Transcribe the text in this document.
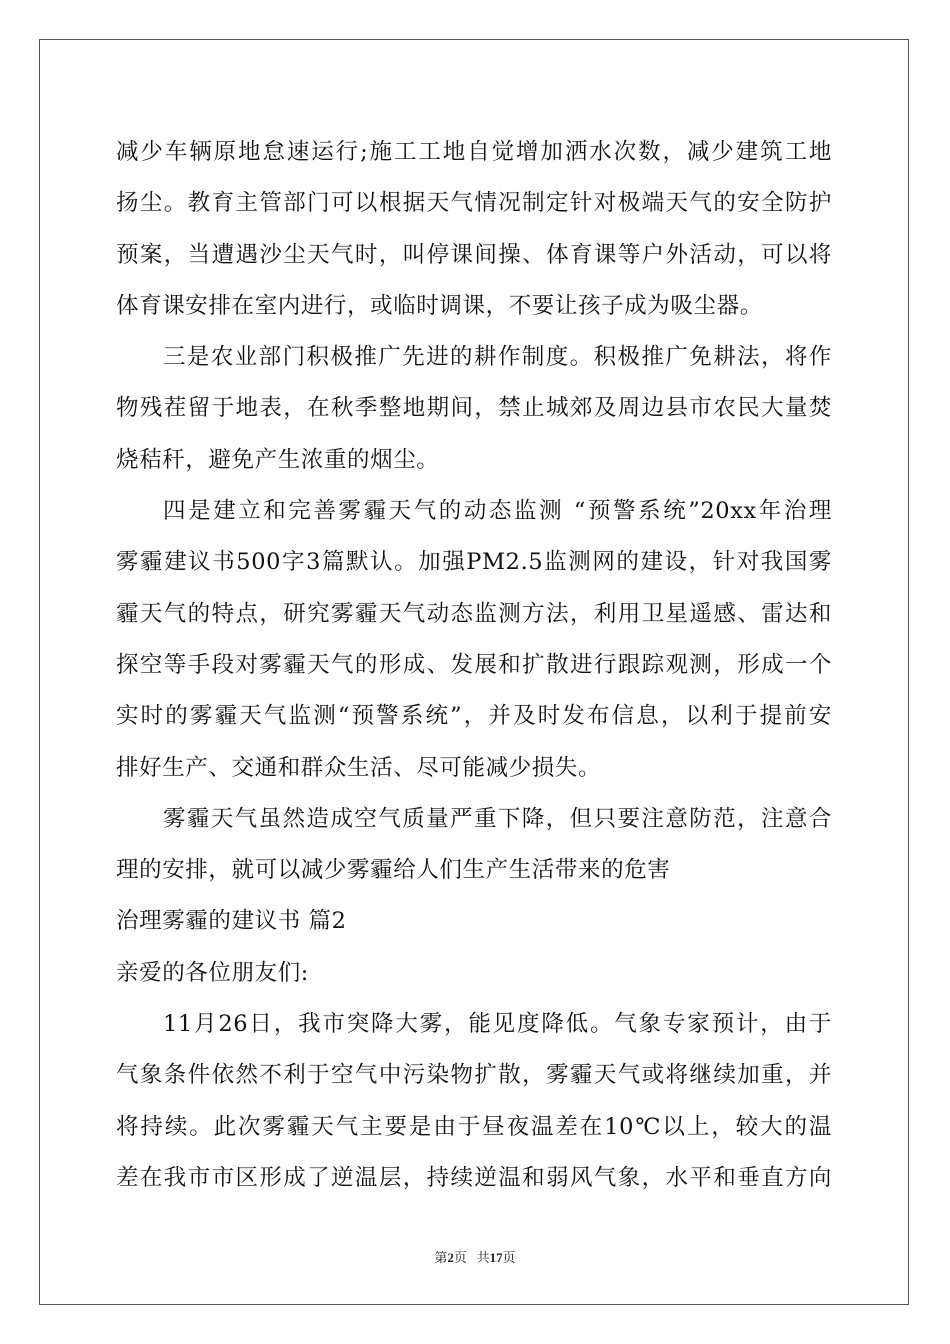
减少车辆原地怠速运行;施工工地自觉增加洒水次数，减少建筑工地
扬尘。教育主管部门可以根据天气情况制定针对极端天气的安全防护
预案，当遭遇沙尘天气时，叫停课间操、体育课等户外活动，可以将
体育课安排在室内进行，或临时调课，不要让孩子成为吸尘器。
三是农业部门积极推广先进的耕作制度。积极推广免耕法，将作
物残茬留于地表，在秋季整地期间，禁止城郊及周边县市农民大量焚
烧秸秆，避免产生浓重的烟尘。
四是建立和完善雾霾天气的动态监测 “预警系统”20xx年治理
雾霾建议书500字3篇默认。加强PM2.5监测网的建设，针对我国雾
霾天气的特点，研究雾霾天气动态监测方法，利用卫星遥感、雷达和
探空等手段对雾霾天气的形成、发展和扩散进行跟踪观测，形成一个
实时的雾霾天气监测“预警系统”，并及时发布信息，以利于提前安
排好生产、交通和群众生活、尽可能减少损失。
雾霾天气虽然造成空气质量严重下降，但只要注意防范，注意合
理的安排，就可以减少雾霾给人们生产生活带来的危害
治理雾霾的建议书 篇2
亲爱的各位朋友们:
11月26日，我市突降大雾，能见度降低。气象专家预计，由于
气象条件依然不利于空气中污染物扩散，雾霾天气或将继续加重，并
将持续。此次雾霾天气主要是由于昼夜温差在10℃以上，较大的温
差在我市市区形成了逆温层，持续逆温和弱风气象，水平和垂直方向
第2页 共17页
